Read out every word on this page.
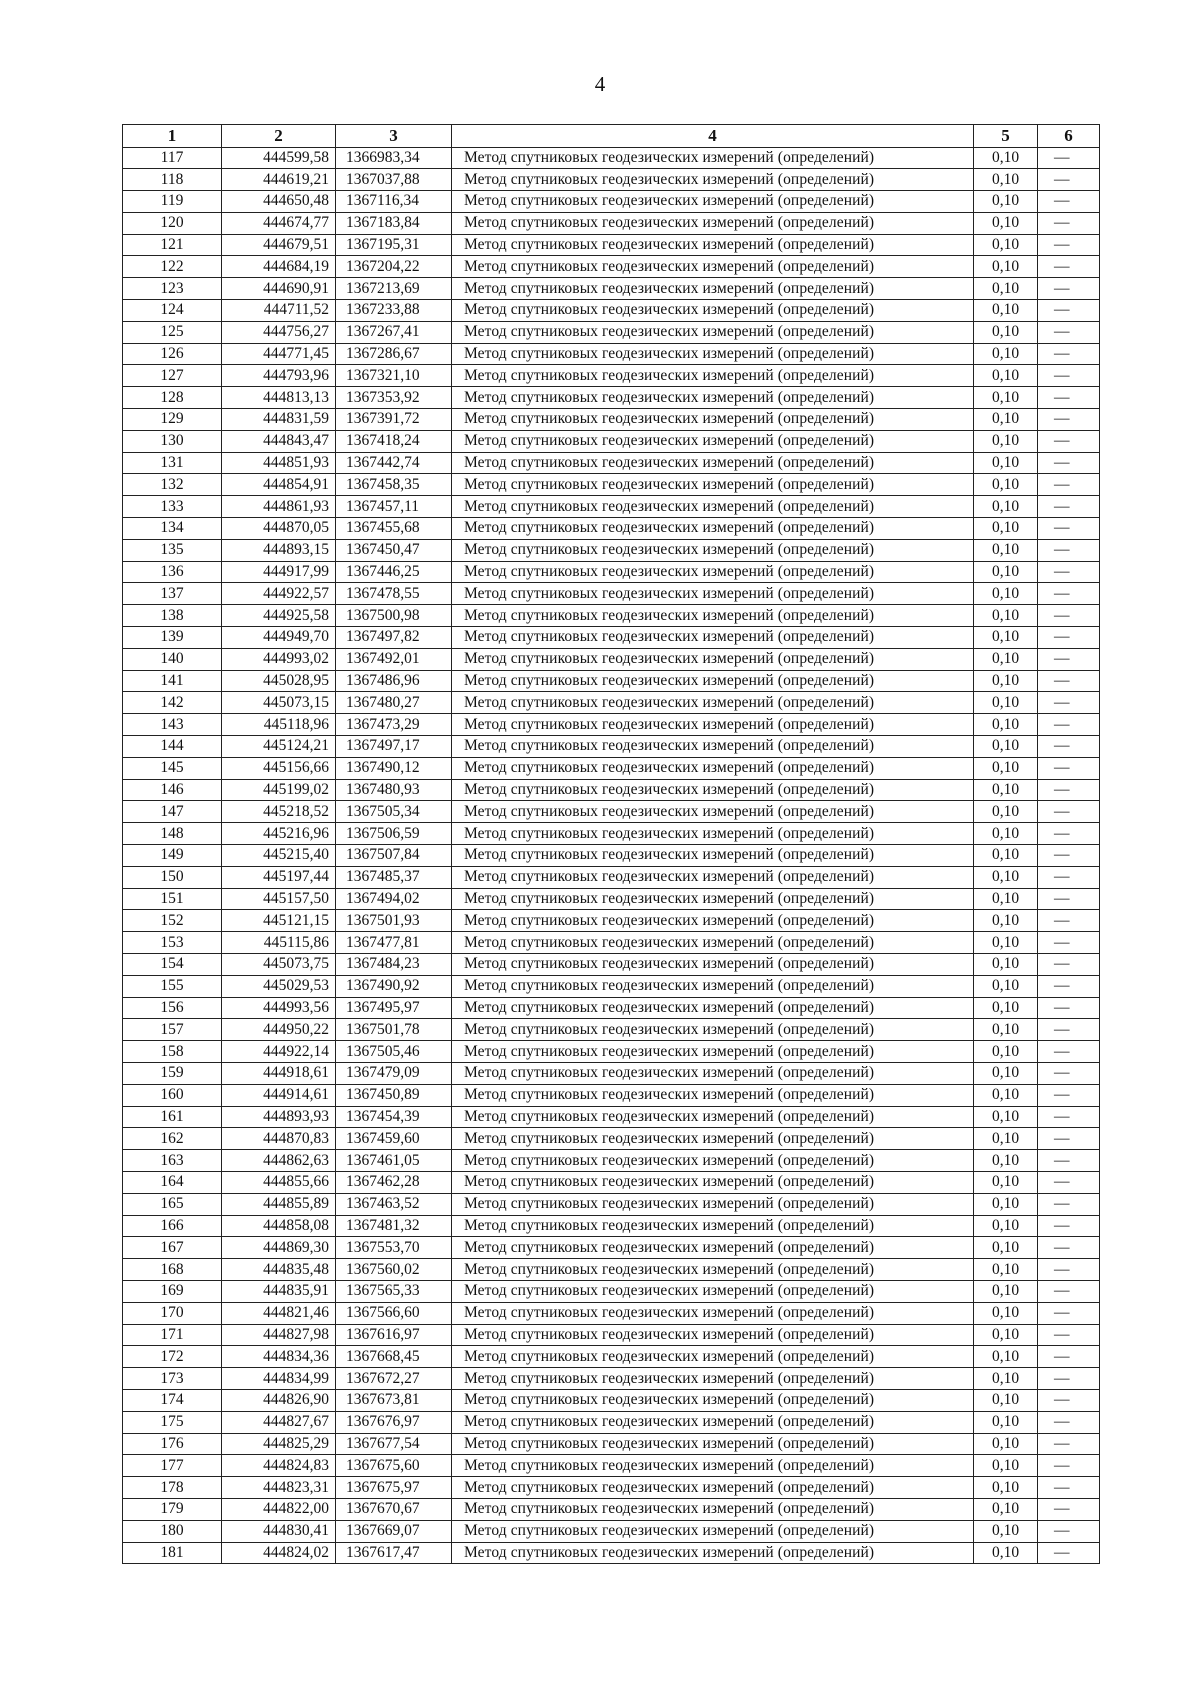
4
1	2	3	4	5	6
117	444599,58	1366983,34	Метод спутниковых геодезических измерений (определений)	0,10	—
118	444619,21	1367037,88	Метод спутниковых геодезических измерений (определений)	0,10	—
119	444650,48	1367116,34	Метод спутниковых геодезических измерений (определений)	0,10	—
120	444674,77	1367183,84	Метод спутниковых геодезических измерений (определений)	0,10	—
121	444679,51	1367195,31	Метод спутниковых геодезических измерений (определений)	0,10	—
122	444684,19	1367204,22	Метод спутниковых геодезических измерений (определений)	0,10	—
123	444690,91	1367213,69	Метод спутниковых геодезических измерений (определений)	0,10	—
124	444711,52	1367233,88	Метод спутниковых геодезических измерений (определений)	0,10	—
125	444756,27	1367267,41	Метод спутниковых геодезических измерений (определений)	0,10	—
126	444771,45	1367286,67	Метод спутниковых геодезических измерений (определений)	0,10	—
127	444793,96	1367321,10	Метод спутниковых геодезических измерений (определений)	0,10	—
128	444813,13	1367353,92	Метод спутниковых геодезических измерений (определений)	0,10	—
129	444831,59	1367391,72	Метод спутниковых геодезических измерений (определений)	0,10	—
130	444843,47	1367418,24	Метод спутниковых геодезических измерений (определений)	0,10	—
131	444851,93	1367442,74	Метод спутниковых геодезических измерений (определений)	0,10	—
132	444854,91	1367458,35	Метод спутниковых геодезических измерений (определений)	0,10	—
133	444861,93	1367457,11	Метод спутниковых геодезических измерений (определений)	0,10	—
134	444870,05	1367455,68	Метод спутниковых геодезических измерений (определений)	0,10	—
135	444893,15	1367450,47	Метод спутниковых геодезических измерений (определений)	0,10	—
136	444917,99	1367446,25	Метод спутниковых геодезических измерений (определений)	0,10	—
137	444922,57	1367478,55	Метод спутниковых геодезических измерений (определений)	0,10	—
138	444925,58	1367500,98	Метод спутниковых геодезических измерений (определений)	0,10	—
139	444949,70	1367497,82	Метод спутниковых геодезических измерений (определений)	0,10	—
140	444993,02	1367492,01	Метод спутниковых геодезических измерений (определений)	0,10	—
141	445028,95	1367486,96	Метод спутниковых геодезических измерений (определений)	0,10	—
142	445073,15	1367480,27	Метод спутниковых геодезических измерений (определений)	0,10	—
143	445118,96	1367473,29	Метод спутниковых геодезических измерений (определений)	0,10	—
144	445124,21	1367497,17	Метод спутниковых геодезических измерений (определений)	0,10	—
145	445156,66	1367490,12	Метод спутниковых геодезических измерений (определений)	0,10	—
146	445199,02	1367480,93	Метод спутниковых геодезических измерений (определений)	0,10	—
147	445218,52	1367505,34	Метод спутниковых геодезических измерений (определений)	0,10	—
148	445216,96	1367506,59	Метод спутниковых геодезических измерений (определений)	0,10	—
149	445215,40	1367507,84	Метод спутниковых геодезических измерений (определений)	0,10	—
150	445197,44	1367485,37	Метод спутниковых геодезических измерений (определений)	0,10	—
151	445157,50	1367494,02	Метод спутниковых геодезических измерений (определений)	0,10	—
152	445121,15	1367501,93	Метод спутниковых геодезических измерений (определений)	0,10	—
153	445115,86	1367477,81	Метод спутниковых геодезических измерений (определений)	0,10	—
154	445073,75	1367484,23	Метод спутниковых геодезических измерений (определений)	0,10	—
155	445029,53	1367490,92	Метод спутниковых геодезических измерений (определений)	0,10	—
156	444993,56	1367495,97	Метод спутниковых геодезических измерений (определений)	0,10	—
157	444950,22	1367501,78	Метод спутниковых геодезических измерений (определений)	0,10	—
158	444922,14	1367505,46	Метод спутниковых геодезических измерений (определений)	0,10	—
159	444918,61	1367479,09	Метод спутниковых геодезических измерений (определений)	0,10	—
160	444914,61	1367450,89	Метод спутниковых геодезических измерений (определений)	0,10	—
161	444893,93	1367454,39	Метод спутниковых геодезических измерений (определений)	0,10	—
162	444870,83	1367459,60	Метод спутниковых геодезических измерений (определений)	0,10	—
163	444862,63	1367461,05	Метод спутниковых геодезических измерений (определений)	0,10	—
164	444855,66	1367462,28	Метод спутниковых геодезических измерений (определений)	0,10	—
165	444855,89	1367463,52	Метод спутниковых геодезических измерений (определений)	0,10	—
166	444858,08	1367481,32	Метод спутниковых геодезических измерений (определений)	0,10	—
167	444869,30	1367553,70	Метод спутниковых геодезических измерений (определений)	0,10	—
168	444835,48	1367560,02	Метод спутниковых геодезических измерений (определений)	0,10	—
169	444835,91	1367565,33	Метод спутниковых геодезических измерений (определений)	0,10	—
170	444821,46	1367566,60	Метод спутниковых геодезических измерений (определений)	0,10	—
171	444827,98	1367616,97	Метод спутниковых геодезических измерений (определений)	0,10	—
172	444834,36	1367668,45	Метод спутниковых геодезических измерений (определений)	0,10	—
173	444834,99	1367672,27	Метод спутниковых геодезических измерений (определений)	0,10	—
174	444826,90	1367673,81	Метод спутниковых геодезических измерений (определений)	0,10	—
175	444827,67	1367676,97	Метод спутниковых геодезических измерений (определений)	0,10	—
176	444825,29	1367677,54	Метод спутниковых геодезических измерений (определений)	0,10	—
177	444824,83	1367675,60	Метод спутниковых геодезических измерений (определений)	0,10	—
178	444823,31	1367675,97	Метод спутниковых геодезических измерений (определений)	0,10	—
179	444822,00	1367670,67	Метод спутниковых геодезических измерений (определений)	0,10	—
180	444830,41	1367669,07	Метод спутниковых геодезических измерений (определений)	0,10	—
181	444824,02	1367617,47	Метод спутниковых геодезических измерений (определений)	0,10	—
